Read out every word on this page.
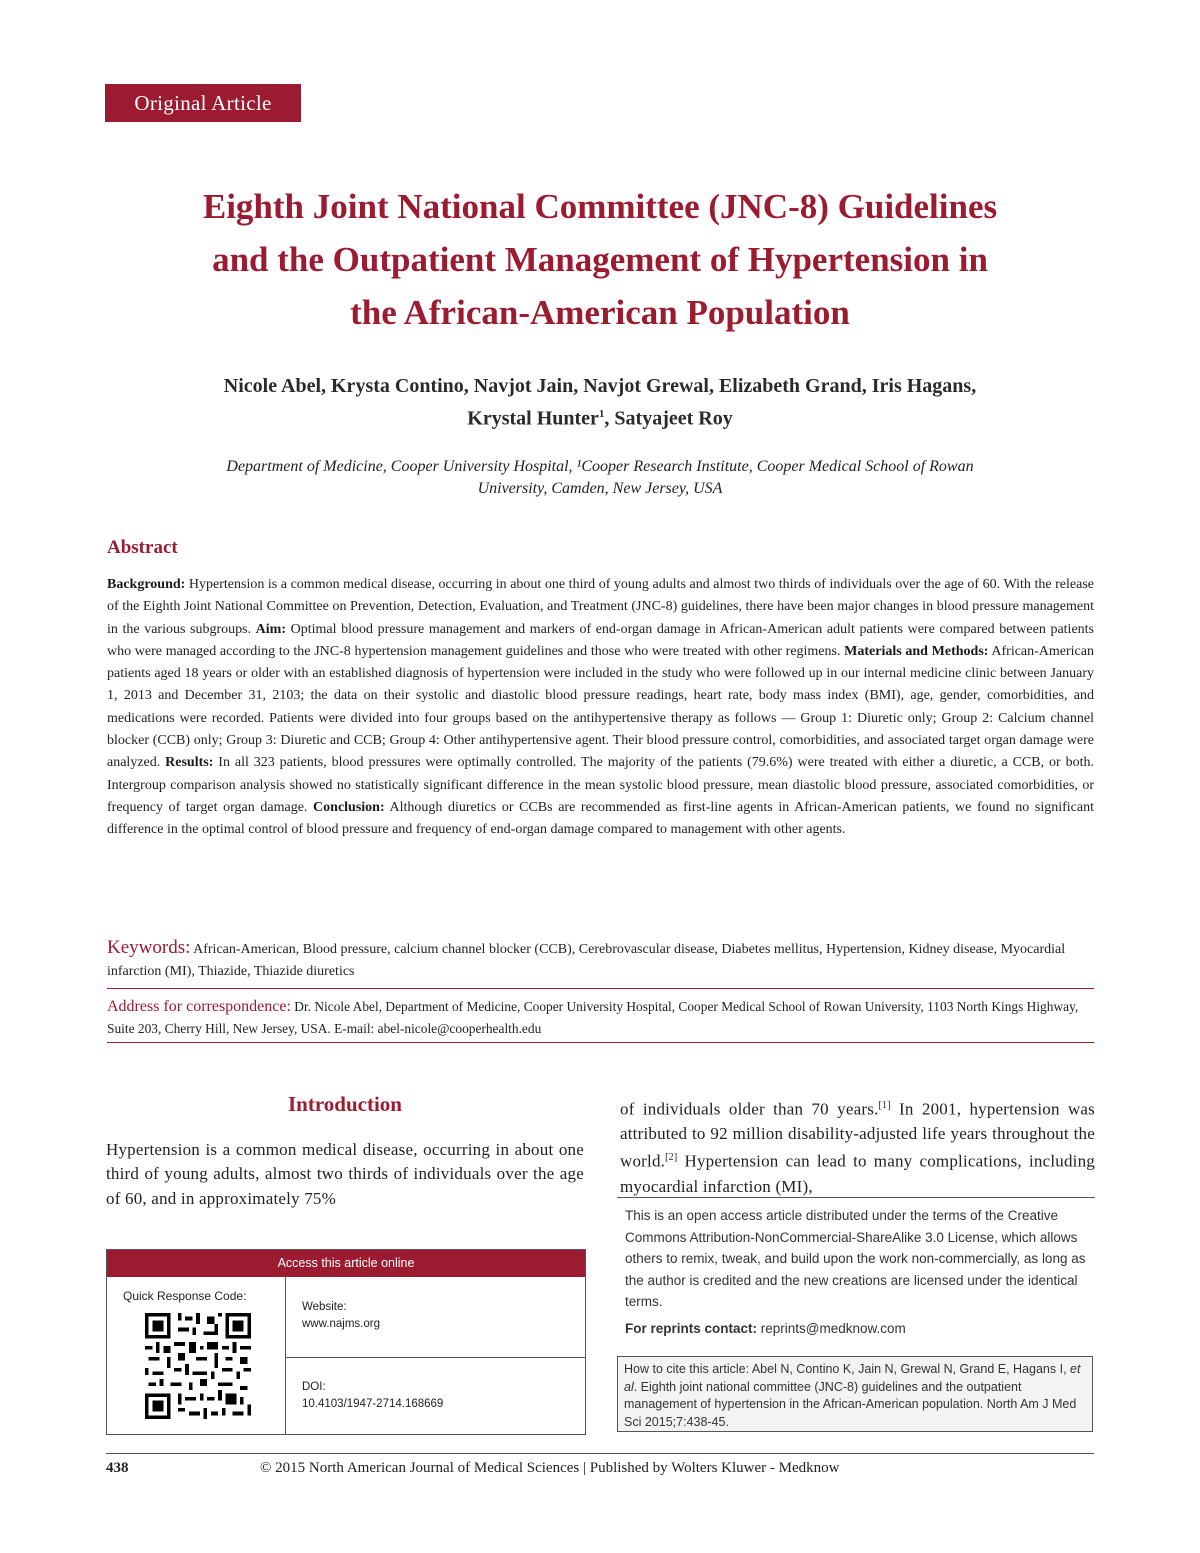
Original Article
Eighth Joint National Committee (JNC-8) Guidelines
and the Outpatient Management of Hypertension in
the African-American Population
Nicole Abel, Krysta Contino, Navjot Jain, Navjot Grewal, Elizabeth Grand, Iris Hagans,
Krystal Hunter$^1$, Satyajeet Roy
Department of Medicine, Cooper University Hospital, ¹Cooper Research Institute, Cooper Medical School of Rowan
University, Camden, New Jersey, USA
Abstract
Background: Hypertension is a common medical disease, occurring in about one third of young adults and almost two thirds of individuals over the age of 60. With the release of the Eighth Joint National Committee on Prevention, Detection, Evaluation, and Treatment (JNC-8) guidelines, there have been major changes in blood pressure management in the various subgroups. Aim: Optimal blood pressure management and markers of end-organ damage in African-American adult patients were compared between patients who were managed according to the JNC-8 hypertension management guidelines and those who were treated with other regimens. Materials and Methods: African-American patients aged 18 years or older with an established diagnosis of hypertension were included in the study who were followed up in our internal medicine clinic between January 1, 2013 and December 31, 2103; the data on their systolic and diastolic blood pressure readings, heart rate, body mass index (BMI), age, gender, comorbidities, and medications were recorded. Patients were divided into four groups based on the antihypertensive therapy as follows — Group 1: Diuretic only; Group 2: Calcium channel blocker (CCB) only; Group 3: Diuretic and CCB; Group 4: Other antihypertensive agent. Their blood pressure control, comorbidities, and associated target organ damage were analyzed. Results: In all 323 patients, blood pressures were optimally controlled. The majority of the patients (79.6%) were treated with either a diuretic, a CCB, or both. Intergroup comparison analysis showed no statistically significant difference in the mean systolic blood pressure, mean diastolic blood pressure, associated comorbidities, or frequency of target organ damage. Conclusion: Although diuretics or CCBs are recommended as first-line agents in African-American patients, we found no significant difference in the optimal control of blood pressure and frequency of end-organ damage compared to management with other agents.
Keywords: African-American, Blood pressure, calcium channel blocker (CCB), Cerebrovascular disease, Diabetes mellitus, Hypertension, Kidney disease, Myocardial infarction (MI), Thiazide, Thiazide diuretics
Address for correspondence: Dr. Nicole Abel, Department of Medicine, Cooper University Hospital, Cooper Medical School of Rowan University, 1103 North Kings Highway, Suite 203, Cherry Hill, New Jersey, USA. E-mail: abel-nicole@cooperhealth.edu
Introduction
Hypertension is a common medical disease, occurring in about one third of young adults, almost two thirds of individuals over the age of 60, and in approximately 75%
of individuals older than 70 years.[1] In 2001, hypertension was attributed to 92 million disability-adjusted life years throughout the world.[2] Hypertension can lead to many complications, including myocardial infarction (MI),
Access this article online
Quick Response Code:
Website:
www.najms.org
DOI:
10.4103/1947-2714.168669
This is an open access article distributed under the terms of the Creative Commons Attribution-NonCommercial-ShareAlike 3.0 License, which allows others to remix, tweak, and build upon the work non-commercially, as long as the author is credited and the new creations are licensed under the identical terms.
For reprints contact: reprints@medknow.com
How to cite this article: Abel N, Contino K, Jain N, Grewal N, Grand E, Hagans I, et al. Eighth joint national committee (JNC-8) guidelines and the outpatient management of hypertension in the African-American population. North Am J Med Sci 2015;7:438-45.
438	© 2015 North American Journal of Medical Sciences | Published by Wolters Kluwer - Medknow
